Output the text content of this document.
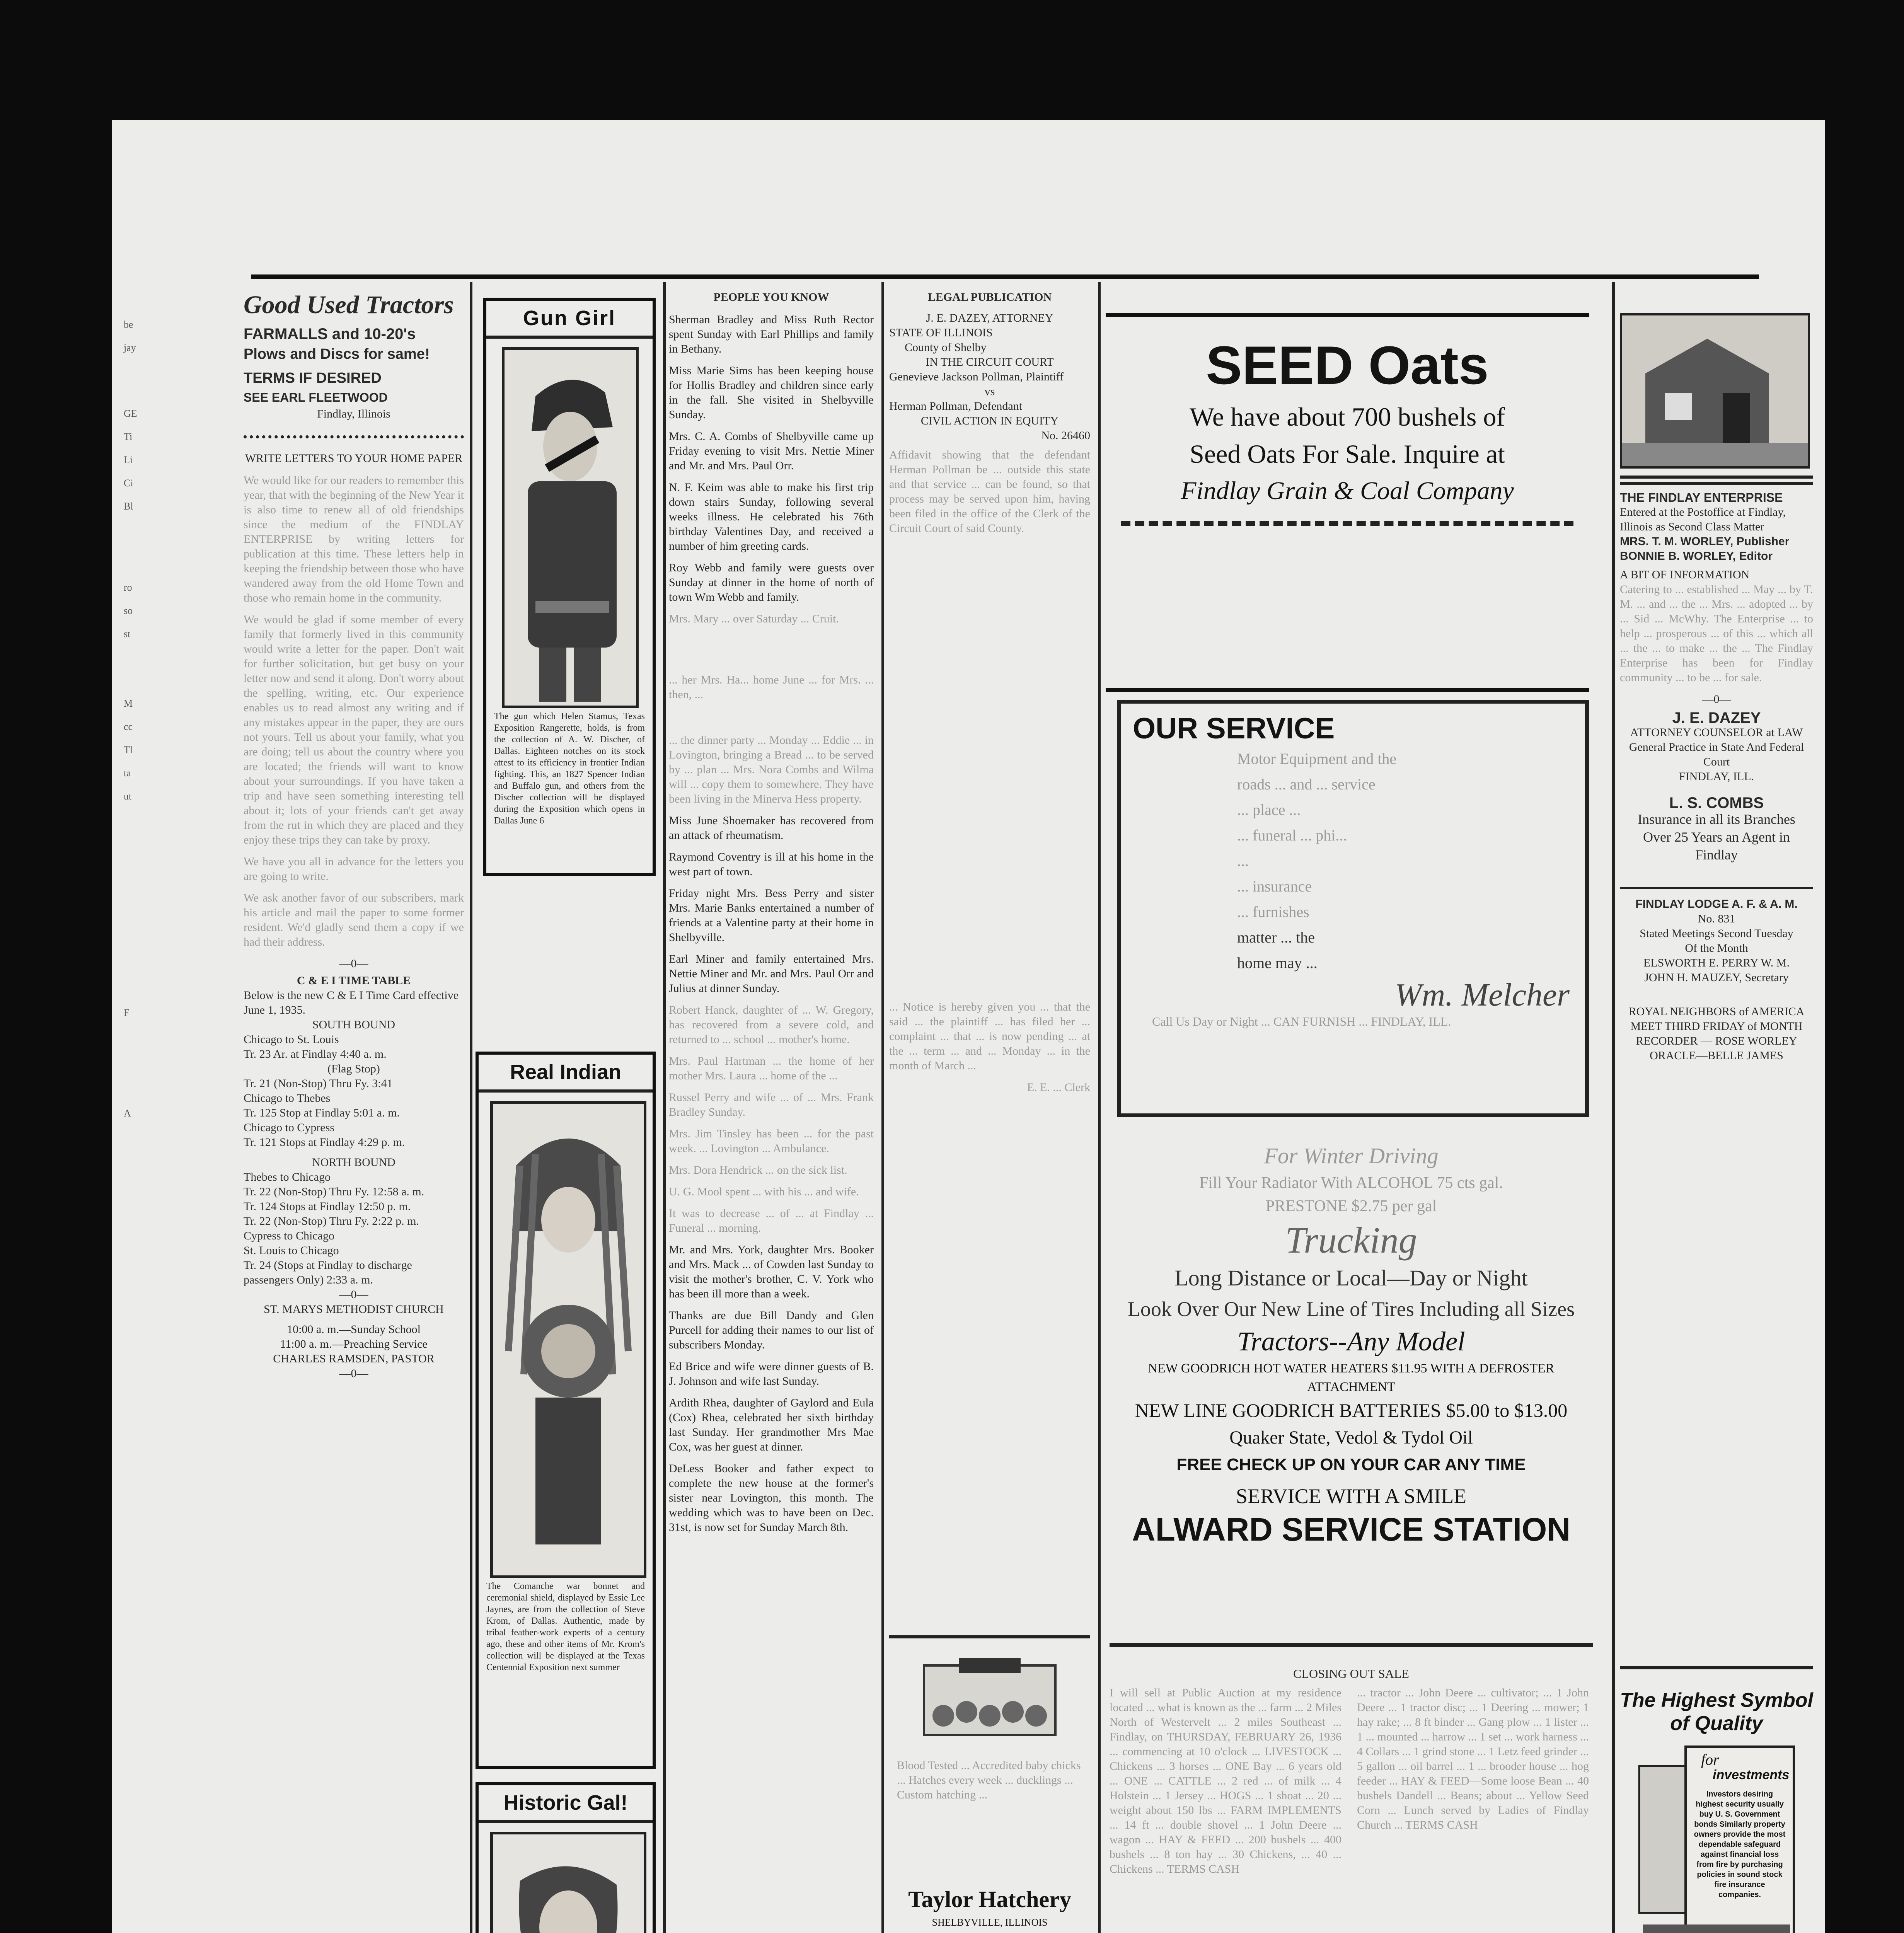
be
jay
GE
Ti
Li
Ci
Bl
ro
so
st
M
cc
Tl
ta
ut
F
A
Good Used Tractors
FARMALLS and 10-20's
Plows and Discs for same!
TERMS IF DESIRED
SEE EARL FLEETWOOD
Findlay, Illinois
WRITE LETTERS TO YOUR HOME PAPER

We would like for our readers to remember this year, that with the beginning of the New Year it is also time to renew all of old friendships since the medium of the FINDLAY ENTERPRISE by writing letters for publication at this time. These letters help in keeping the friendship between those who have wandered away from the old Home Town and those who remain home in the community.

We would be glad if some member of every family that formerly lived in this community would write a letter for the paper. Don't wait for further solicitation, but get busy on your letter now and send it along. Don't worry about the spelling, writing, etc. Our experience enables us to read almost any writing and if any mistakes appear in the paper, they are ours not yours. Tell us about your family, what you are doing; tell us about the country where you are located; the friends will want to know about your surroundings. If you have taken a trip and have seen something interesting tell about it; lots of your friends can't get away from the rut in which they are placed and they enjoy these trips they can take by proxy.

We have you all in advance for the letters you are going to write.

We ask another favor of our subscribers, mark his article and mail the paper to some former resident. We'd gladly send them a copy if we had their address.

—0—
C & E I TIME TABLE
Below is the new C & E I Time Card effective June 1, 1935.
SOUTH BOUND
Chicago to St. Louis
Tr. 23 Ar. at Findlay 4:40 a. m.
(Flag Stop)
Tr. 21 (Non-Stop) Thru Fy. 3:41
Chicago to Thebes
Tr. 125 Stop at Findlay 5:01 a. m.
Chicago to Cypress
Tr. 121 Stops at Findlay 4:29 p. m.
NORTH BOUND
Thebes to Chicago
Tr. 22 (Non-Stop) Thru Fy. 12:58 a. m.
Tr. 124 Stops at Findlay 12:50 p. m.
Tr. 22 (Non-Stop) Thru Fy. 2:22 p. m.
Cypress to Chicago
St. Louis to Chicago
Tr. 24 (Stops at Findlay to discharge passengers Only) 2:33 a. m.
—0—
ST. MARYS METHODIST CHURCH
10:00 a. m.—Sunday School
11:00 a. m.—Preaching Service
CHARLES RAMSDEN, PASTOR
—0—
Gun Girl
The gun which Helen Stamus, Texas Exposition Rangerette, holds, is from the collection of A. W. Discher, of Dallas. Eighteen notches on its stock attest to its efficiency in frontier Indian fighting. This, an 1827 Spencer Indian and Buffalo gun, and others from the Discher collection will be displayed during the Exposition which opens in Dallas June 6
Real Indian
The Comanche war bonnet and ceremonial shield, displayed by Essie Lee Jaynes, are from the collection of Steve Krom, of Dallas. Authentic, made by tribal feather-work experts of a century ago, these and other items of Mr. Krom's collection will be displayed at the Texas Centennial Exposition next summer
Historic Gal!
PEOPLE YOU KNOW

Sherman Bradley and Miss Ruth Rector spent Sunday with Earl Phillips and family in Bethany.

Miss Marie Sims has been keeping house for Hollis Bradley and children since early in the fall. She visited in Shelbyville Sunday.

Mrs. C. A. Combs of Shelbyville came up Friday evening to visit Mrs. Nettie Miner and Mr. and Mrs. Paul Orr.

N. F. Keim was able to make his first trip down stairs Sunday, following several weeks illness. He celebrated his 76th birthday Valentines Day, and received a number of him greeting cards.

Roy Webb and family were guests over Sunday at dinner in the home of north of town Wm Webb and family.

Mrs. Mary ... over Saturday ... Cruit.

... her Mrs. Ha... home June ... for Mrs. ... then, ...

... the dinner party ... Monday ... Eddie ... in Lovington, bringing a Bread ... to be served by ... plan ... Mrs. Nora Combs and Wilma will ... copy them to somewhere. They have been living in the Minerva Hess property.

Miss June Shoemaker has recovered from an attack of rheumatism.

Raymond Coventry is ill at his home in the west part of town.

Friday night Mrs. Bess Perry and sister Mrs. Marie Banks entertained a number of friends at a Valentine party at their home in Shelbyville.

Earl Miner and family entertained Mrs. Nettie Miner and Mr. and Mrs. Paul Orr and Julius at dinner Sunday.

Robert Hanck, daughter of ... W. Gregory, has recovered from a severe cold, and returned to ... school ... mother's home.

Mrs. Paul Hartman ... the home of her mother Mrs. Laura ... home of the ...

Russel Perry and wife ... of ... Mrs. Frank Bradley Sunday.

Mrs. Jim Tinsley has been ... for the past week. ... Lovington ... Ambulance.

Mrs. Dora Hendrick ... on the sick list.

U. G. Mool spent ... with his ... and wife.

It was to decrease ... of ... at Findlay ... Funeral ... morning.

Mr. and Mrs. York, daughter Mrs. Booker and Mrs. Mack ... of Cowden last Sunday to visit the mother's brother, C. V. York who has been ill more than a week.

Thanks are due Bill Dandy and Glen Purcell for adding their names to our list of subscribers Monday.

Ed Brice and wife were dinner guests of B. J. Johnson and wife last Sunday.

Ardith Rhea, daughter of Gaylord and Eula (Cox) Rhea, celebrated her sixth birthday last Sunday. Her grandmother Mrs Mae Cox, was her guest at dinner.

DeLess Booker and father expect to complete the new house at the former's sister near Lovington, this month. The wedding which was to have been on Dec. 31st, is now set for Sunday March 8th.

LEGAL PUBLICATION
J. E. DAZEY, ATTORNEY
STATE OF ILLINOIS
County of Shelby
IN THE CIRCUIT COURT
Genevieve Jackson Pollman, Plaintiff
vs
Herman Pollman, Defendant
CIVIL ACTION IN EQUITY
No. 26460

Affidavit showing that the defendant Herman Pollman be ... outside this state and that service ... can be found, so that process may be served upon him, having been filed in the office of the Clerk of the Circuit Court of said County.

... Notice is hereby given you ... that the said ... the plaintiff ... has filed her ... complaint ... that ... is now pending ... at the ... term ... and ... Monday ... in the month of March ...

E. E. ... Clerk
Blood Tested ... Accredited baby chicks ... Hatches every week ... ducklings ... Custom hatching ...
Taylor Hatchery
SHELBYVILLE, ILLINOIS
SEED Oats
We have about 700 bushels of
Seed Oats For Sale. Inquire at
Findlay Grain & Coal Company
OUR SERVICE
Motor Equipment and the
roads ... and ... service
... place ...
... funeral ... phi...
...
... insurance
... furnishes
matter ... the
home may ...
Wm. Melcher
Call Us Day or Night ... CAN FURNISH ... FINDLAY, ILL.
For Winter Driving
Fill Your Radiator With ALCOHOL 75 cts gal.
PRESTONE $2.75 per gal
Trucking
Long Distance or Local—Day or Night
Look Over Our New Line of Tires Including all Sizes
Tractors--Any Model
NEW GOODRICH HOT WATER HEATERS $11.95 WITH A DEFROSTER ATTACHMENT
NEW LINE GOODRICH BATTERIES $5.00 to $13.00
Quaker State, Vedol & Tydol Oil
FREE CHECK UP ON YOUR CAR ANY TIME
SERVICE WITH A SMILE
ALWARD SERVICE STATION
CLOSING OUT SALE
I will sell at Public Auction at my residence located ... what is known as the ... farm ... 2 Miles North of Westervelt ... 2 miles Southeast ... Findlay, on THURSDAY, FEBRUARY 26, 1936 ... commencing at 10 o'clock ... LIVESTOCK ... Chickens ... 3 horses ... ONE Bay ... 6 years old ... ONE ... CATTLE ... 2 red ... of milk ... 4 Holstein ... 1 Jersey ... HOGS ... 1 shoat ... 20 ... weight about 150 lbs ... FARM IMPLEMENTS ... 14 ft ... double shovel ... 1 John Deere ... wagon ... HAY & FEED ... 200 bushels ... 400 bushels ... 8 ton hay ... 30 Chickens, ... 40 ... Chickens ... TERMS CASH
... tractor ... John Deere ... cultivator; ... 1 John Deere ... 1 tractor disc; ... 1 Deering ... mower; 1 hay rake; ... 8 ft binder ... Gang plow ... 1 lister ... 1 ... mounted ... harrow ... 1 set ... work harness ... 4 Collars ... 1 grind stone ... 1 Letz feed grinder ... 5 gallon ... oil barrel ... 1 ... brooder house ... hog feeder ... HAY & FEED—Some loose Bean ... 40 bushels Dandell ... Beans; about ... Yellow Seed Corn ... Lunch served by Ladies of Findlay Church ... TERMS CASH
THE FINDLAY ENTERPRISE
Entered at the Postoffice at Findlay, Illinois as Second Class Matter
MRS. T. M. WORLEY, Publisher
BONNIE B. WORLEY, Editor
A BIT OF INFORMATION

Catering to ... established ... May ... by T. M. ... and ... the ... Mrs. ... adopted ... by ... Sid ... McWhy. The Enterprise ... to help ... prosperous ... of this ... which all ... the ... to make ... the ... The Findlay Enterprise has been for Findlay community ... to be ... for sale.

—0—
J. E. DAZEY
ATTORNEY COUNSELOR at LAW
General Practice in State And Federal Court
FINDLAY, ILL.
L. S. COMBS
Insurance in all its Branches
Over 25 Years an Agent in
Findlay
FINDLAY LODGE A. F. & A. M.
No. 831
Stated Meetings Second Tuesday
Of the Month
ELSWORTH E. PERRY W. M.
JOHN H. MAUZEY, Secretary
ROYAL NEIGHBORS of AMERICA
MEET THIRD FRIDAY of MONTH
RECORDER — ROSE WORLEY
ORACLE—BELLE JAMES
The Highest Symbol
of Quality
for
investments
Investors desiring highest security usually buy U. S. Government bonds Similarly property owners provide the most dependable safeguard against financial loss from fire by purchasing policies in sound stock fire insurance companies.
